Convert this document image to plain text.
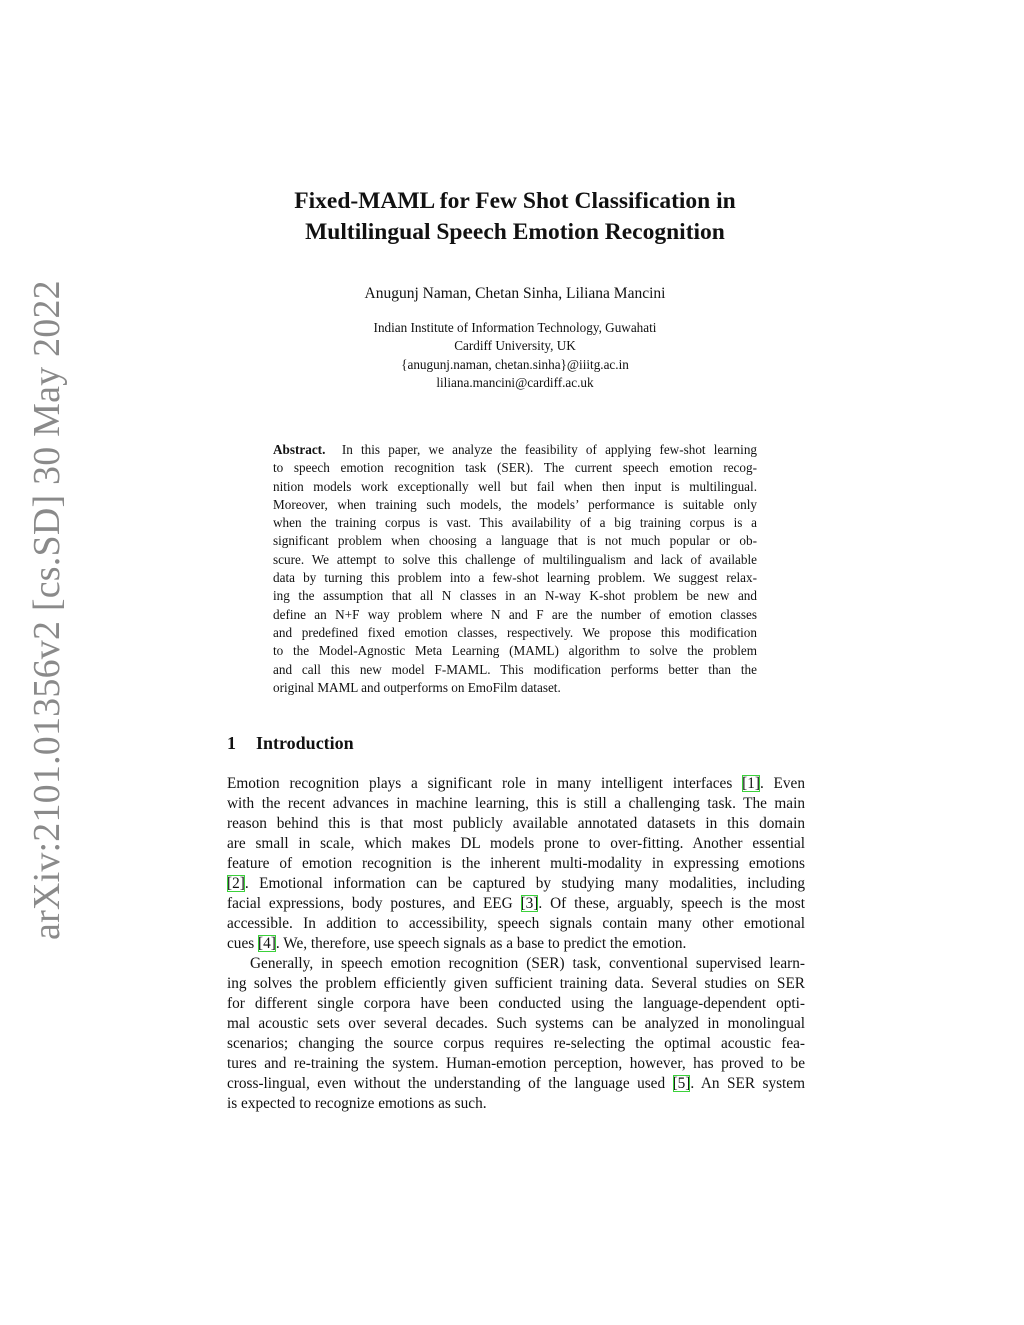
arXiv:2101.01356v2 [cs.SD] 30 May 2022
Fixed-MAML for Few Shot Classification in
Multilingual Speech Emotion Recognition
Anugunj Naman, Chetan Sinha, Liliana Mancini
Indian Institute of Information Technology, Guwahati
Cardiff University, UK
{anugunj.naman, chetan.sinha}@iiitg.ac.in
liliana.mancini@cardiff.ac.uk
Abstract. In this paper, we analyze the feasibility of applying few-shot learning
to speech emotion recognition task (SER). The current speech emotion recog-
nition models work exceptionally well but fail when then input is multilingual.
Moreover, when training such models, the models’ performance is suitable only
when the training corpus is vast. This availability of a big training corpus is a
significant problem when choosing a language that is not much popular or ob-
scure. We attempt to solve this challenge of multilingualism and lack of available
data by turning this problem into a few-shot learning problem. We suggest relax-
ing the assumption that all N classes in an N-way K-shot problem be new and
define an N+F way problem where N and F are the number of emotion classes
and predefined fixed emotion classes, respectively. We propose this modification
to the Model-Agnostic Meta Learning (MAML) algorithm to solve the problem
and call this new model F-MAML. This modification performs better than the
original MAML and outperforms on EmoFilm dataset.
1 Introduction
Emotion recognition plays a significant role in many intelligent interfaces [1]. Even
with the recent advances in machine learning, this is still a challenging task. The main
reason behind this is that most publicly available annotated datasets in this domain
are small in scale, which makes DL models prone to over-fitting. Another essential
feature of emotion recognition is the inherent multi-modality in expressing emotions
[2]. Emotional information can be captured by studying many modalities, including
facial expressions, body postures, and EEG [3]. Of these, arguably, speech is the most
accessible. In addition to accessibility, speech signals contain many other emotional
cues [4]. We, therefore, use speech signals as a base to predict the emotion.
Generally, in speech emotion recognition (SER) task, conventional supervised learn-
ing solves the problem efficiently given sufficient training data. Several studies on SER
for different single corpora have been conducted using the language-dependent opti-
mal acoustic sets over several decades. Such systems can be analyzed in monolingual
scenarios; changing the source corpus requires re-selecting the optimal acoustic fea-
tures and re-training the system. Human-emotion perception, however, has proved to be
cross-lingual, even without the understanding of the language used [5]. An SER system
is expected to recognize emotions as such.
